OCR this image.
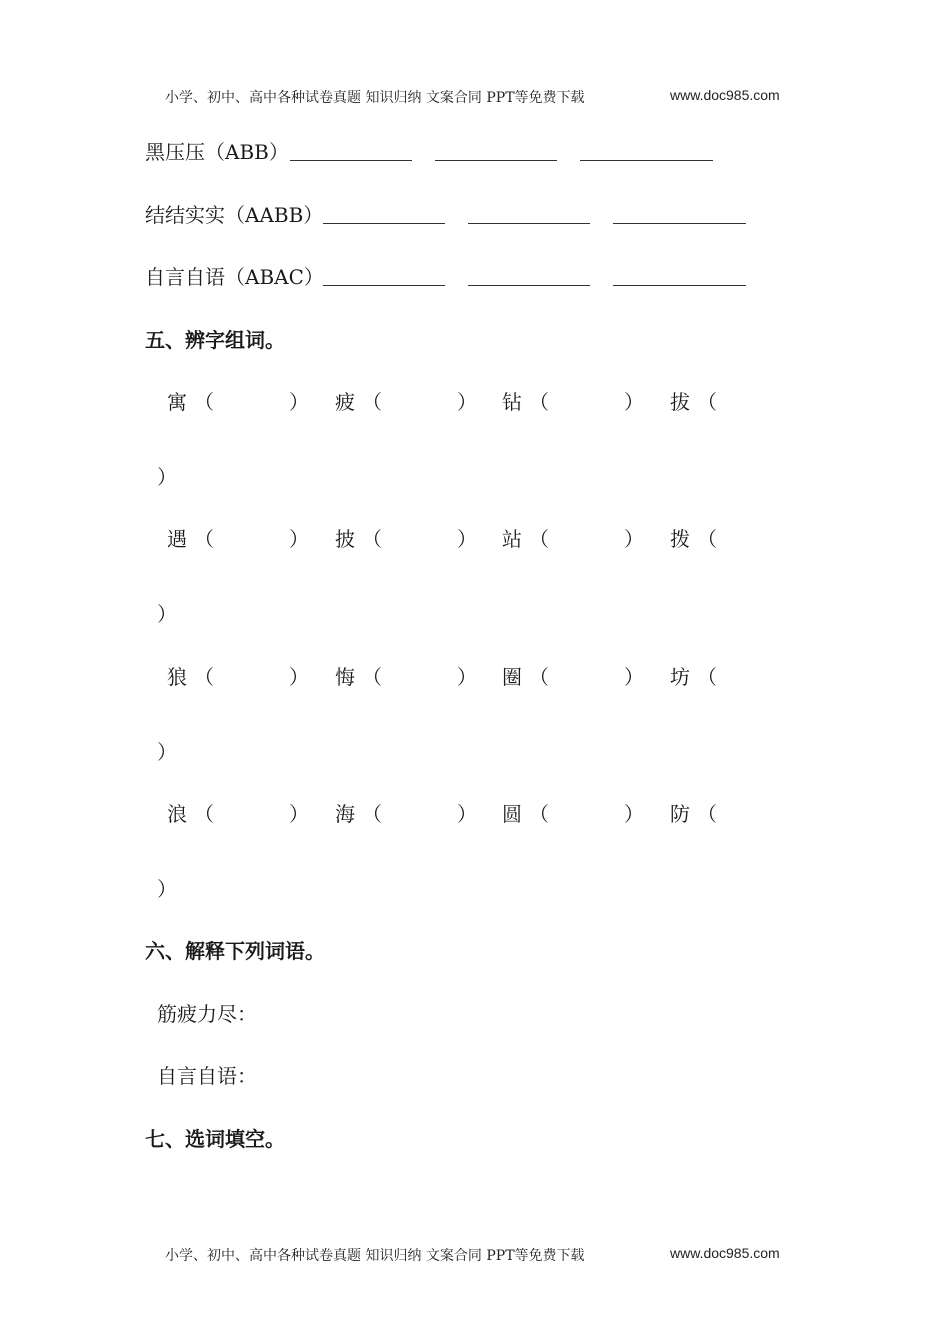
小学、初中、高中各种试卷真题 知识归纳 文案合同 PPT等免费下载	www.doc985.com
黑压压（ABB）
结结实实（AABB）
自言自语（ABAC）
五、辨字组词。
寓 （	） 疲 （	） 钻 （	） 拔 （
）
遇 （	） 披 （	） 站 （	） 拨 （
）
狼 （	） 悔 （	） 圈 （	） 坊 （
）
浪 （	） 海 （	） 圆 （	） 防 （
）
六、解释下列词语。
筋疲力尽：
自言自语：
七、选词填空。
小学、初中、高中各种试卷真题 知识归纳 文案合同 PPT等免费下载	www.doc985.com
